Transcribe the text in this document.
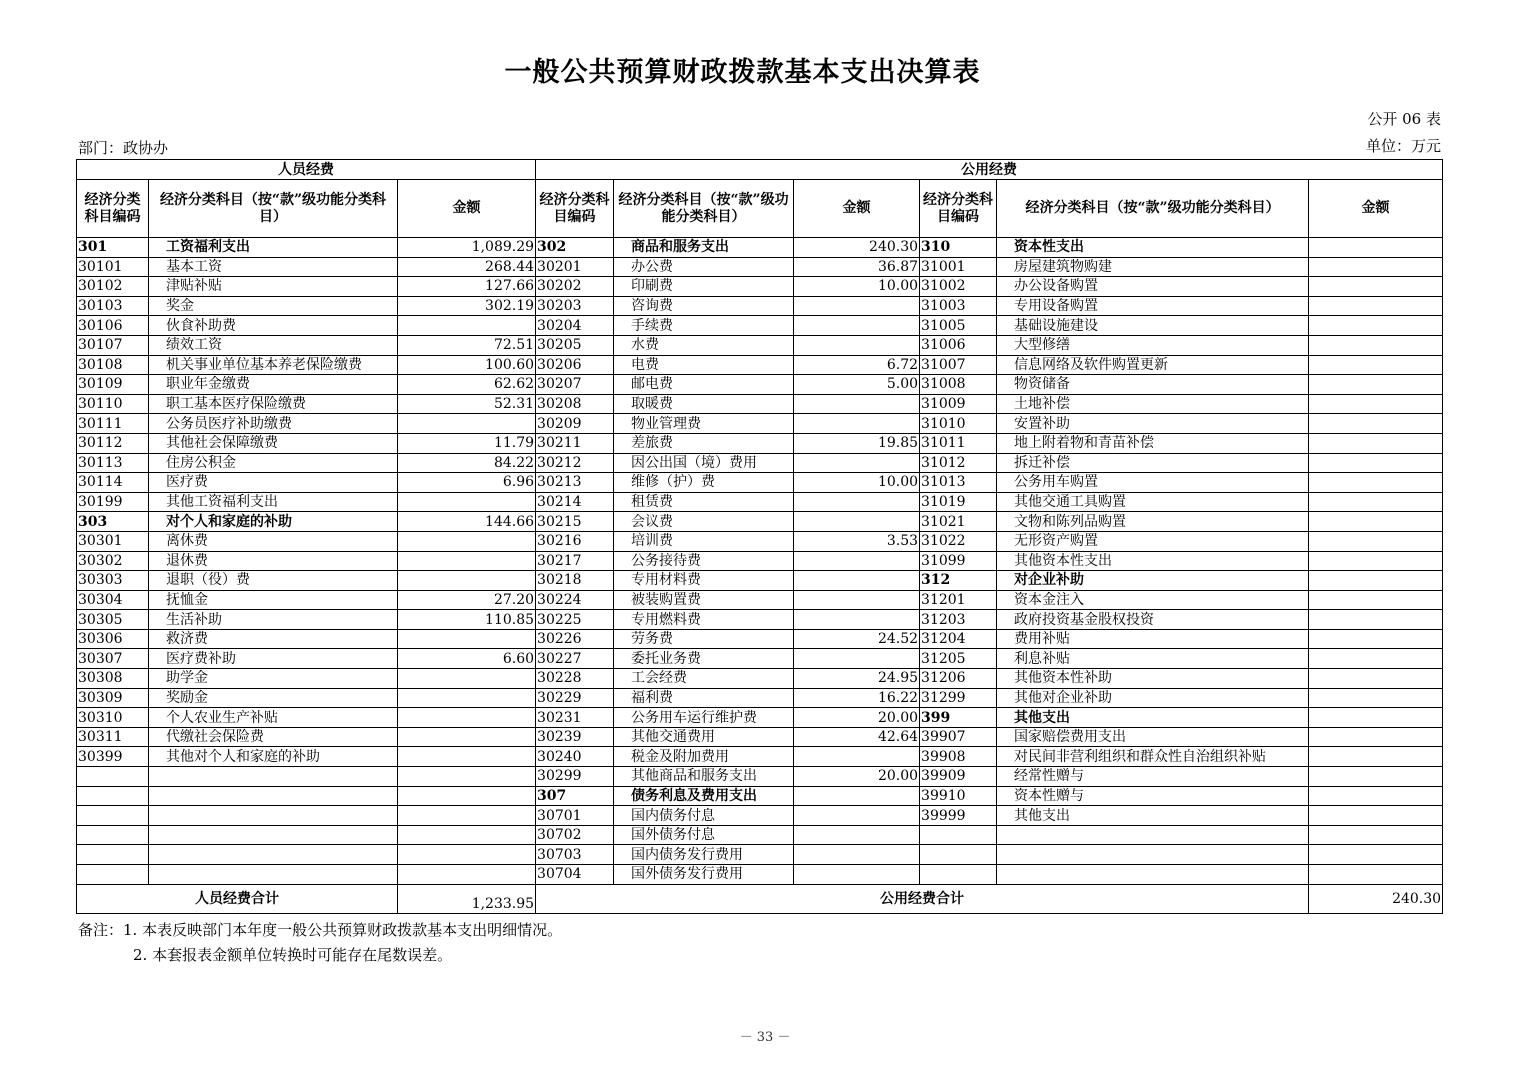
一般公共预算财政拨款基本支出决算表
公开 06 表
部门：政协办	单位：万元
人员经费			公用经费					
经济分类科目编码	经济分类科目（按“款”级功能分类科目）	金额	经济分类科目编码	经济分类科目（按“款”级功能分类科目）	金额	经济分类科目编码	经济分类科目（按“款”级功能分类科目）	金额
301	工资福利支出	1,089.29	302	商品和服务支出	240.30	310	资本性支出	
30101	基本工资	268.44	30201	办公费	36.87	31001	房屋建筑物购建	
30102	津贴补贴	127.66	30202	印刷费	10.00	31002	办公设备购置	
30103	奖金	302.19	30203	咨询费		31003	专用设备购置	
30106	伙食补助费		30204	手续费		31005	基础设施建设	
30107	绩效工资	72.51	30205	水费		31006	大型修缮	
30108	机关事业单位基本养老保险缴费	100.60	30206	电费	6.72	31007	信息网络及软件购置更新	
30109	职业年金缴费	62.62	30207	邮电费	5.00	31008	物资储备	
30110	职工基本医疗保险缴费	52.31	30208	取暖费		31009	土地补偿	
30111	公务员医疗补助缴费		30209	物业管理费		31010	安置补助	
30112	其他社会保障缴费	11.79	30211	差旅费	19.85	31011	地上附着物和青苗补偿	
30113	住房公积金	84.22	30212	因公出国（境）费用		31012	拆迁补偿	
30114	医疗费	6.96	30213	维修（护）费	10.00	31013	公务用车购置	
30199	其他工资福利支出		30214	租赁费		31019	其他交通工具购置	
303	对个人和家庭的补助	144.66	30215	会议费		31021	文物和陈列品购置	
30301	离休费		30216	培训费	3.53	31022	无形资产购置	
30302	退休费		30217	公务接待费		31099	其他资本性支出	
30303	退职（役）费		30218	专用材料费		312	对企业补助	
30304	抚恤金	27.20	30224	被装购置费		31201	资本金注入	
30305	生活补助	110.85	30225	专用燃料费		31203	政府投资基金股权投资	
30306	救济费		30226	劳务费	24.52	31204	费用补贴	
30307	医疗费补助	6.60	30227	委托业务费		31205	利息补贴	
30308	助学金		30228	工会经费	24.95	31206	其他资本性补助	
30309	奖励金		30229	福利费	16.22	31299	其他对企业补助	
30310	个人农业生产补贴		30231	公务用车运行维护费	20.00	399	其他支出	
30311	代缴社会保险费		30239	其他交通费用	42.64	39907	国家赔偿费用支出	
30399	其他对个人和家庭的补助		30240	税金及附加费用		39908	对民间非营利组织和群众性自治组织补贴	
			30299	其他商品和服务支出	20.00	39909	经常性赠与	
			307	债务利息及费用支出		39910	资本性赠与	
			30701	国内债务付息		39999	其他支出	
			30702	国外债务付息				
			30703	国内债务发行费用				
			30704	国外债务发行费用				
人员经费合计		1,233.95	公用经费合计					240.30
备注：1. 本表反映部门本年度一般公共预算财政拨款基本支出明细情况。
2. 本套报表金额单位转换时可能存在尾数误差。
－ 33 －
